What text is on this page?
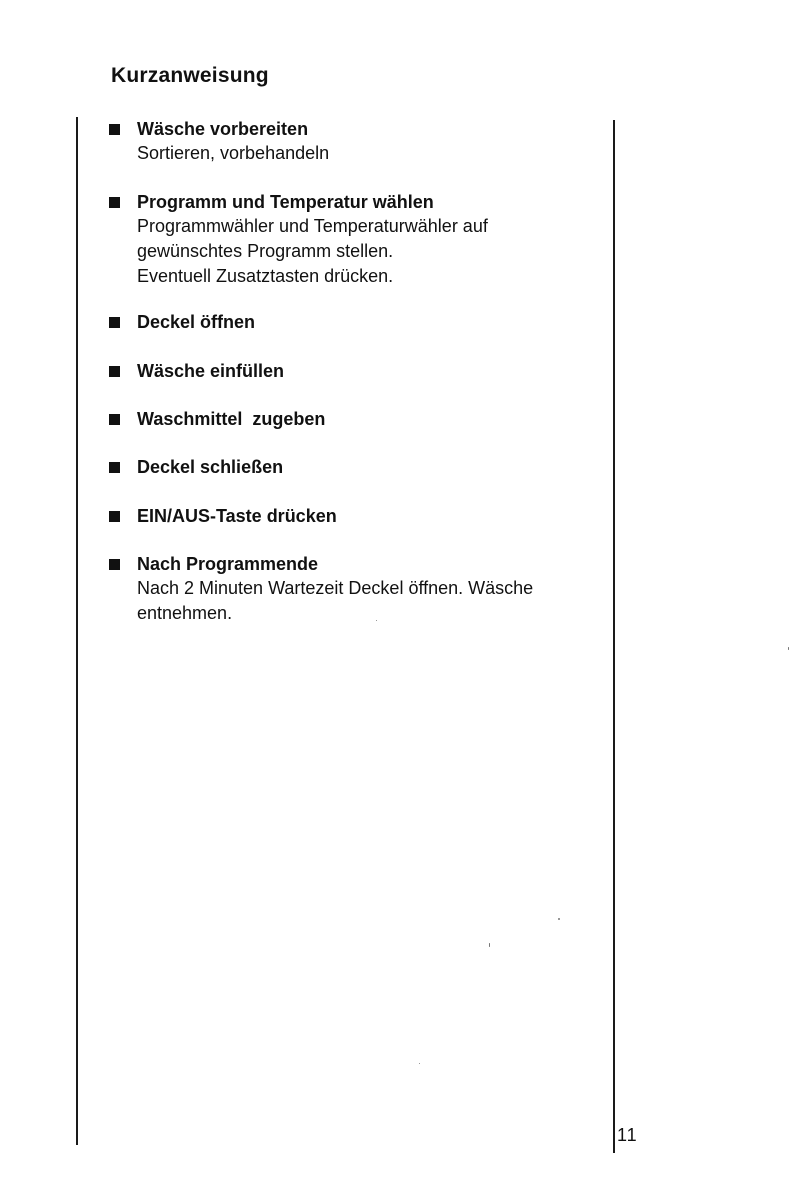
Kurzanweisung
Wäsche vorbereiten
Sortieren, vorbehandeln
Programm und Temperatur wählen
Programmwähler und Temperaturwähler auf
gewünschtes Programm stellen.
Eventuell Zusatztasten drücken.
Deckel öffnen
Wäsche einfüllen
Waschmittel  zugeben
Deckel schließen
EIN/AUS-Taste drücken
Nach Programmende
Nach 2 Minuten Wartezeit Deckel öffnen. Wäsche
entnehmen.
11
